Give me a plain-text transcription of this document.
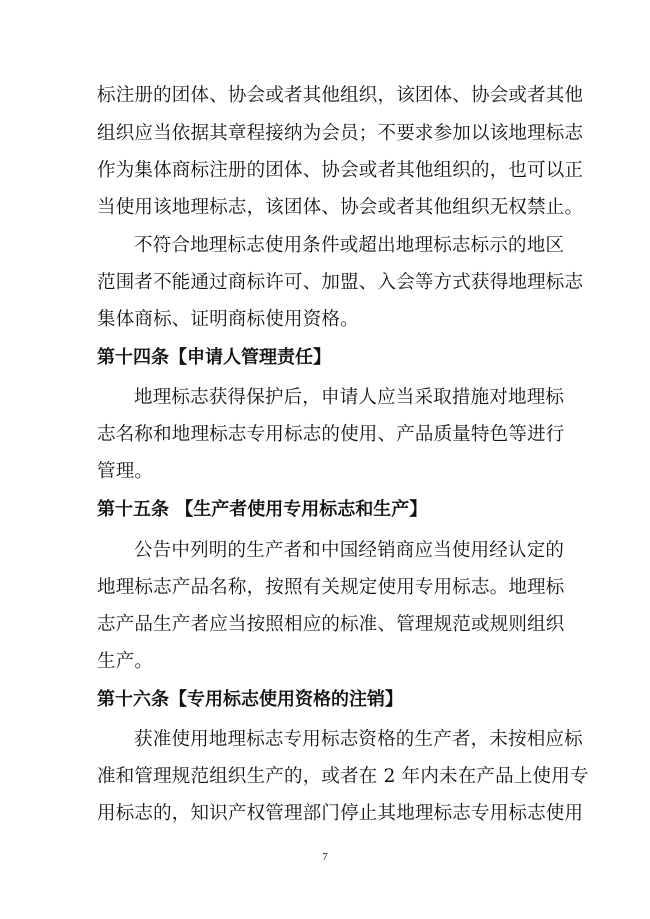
标注册的团体、协会或者其他组织，该团体、协会或者其他
组织应当依据其章程接纳为会员；不要求参加以该地理标志
作为集体商标注册的团体、协会或者其他组织的，也可以正
当使用该地理标志，该团体、协会或者其他组织无权禁止。
不符合地理标志使用条件或超出地理标志标示的地区
范围者不能通过商标许可、加盟、入会等方式获得地理标志
集体商标、证明商标使用资格。
第十四条【申请人管理责任】
地理标志获得保护后，申请人应当采取措施对地理标
志名称和地理标志专用标志的使用、产品质量特色等进行
管理。
第十五条 【生产者使用专用标志和生产】
公告中列明的生产者和中国经销商应当使用经认定的
地理标志产品名称，按照有关规定使用专用标志。地理标
志产品生产者应当按照相应的标准、管理规范或规则组织
生产。
第十六条【专用标志使用资格的注销】
获准使用地理标志专用标志资格的生产者，未按相应标
准和管理规范组织生产的，或者在 2 年内未在产品上使用专
用标志的，知识产权管理部门停止其地理标志专用标志使用
7
